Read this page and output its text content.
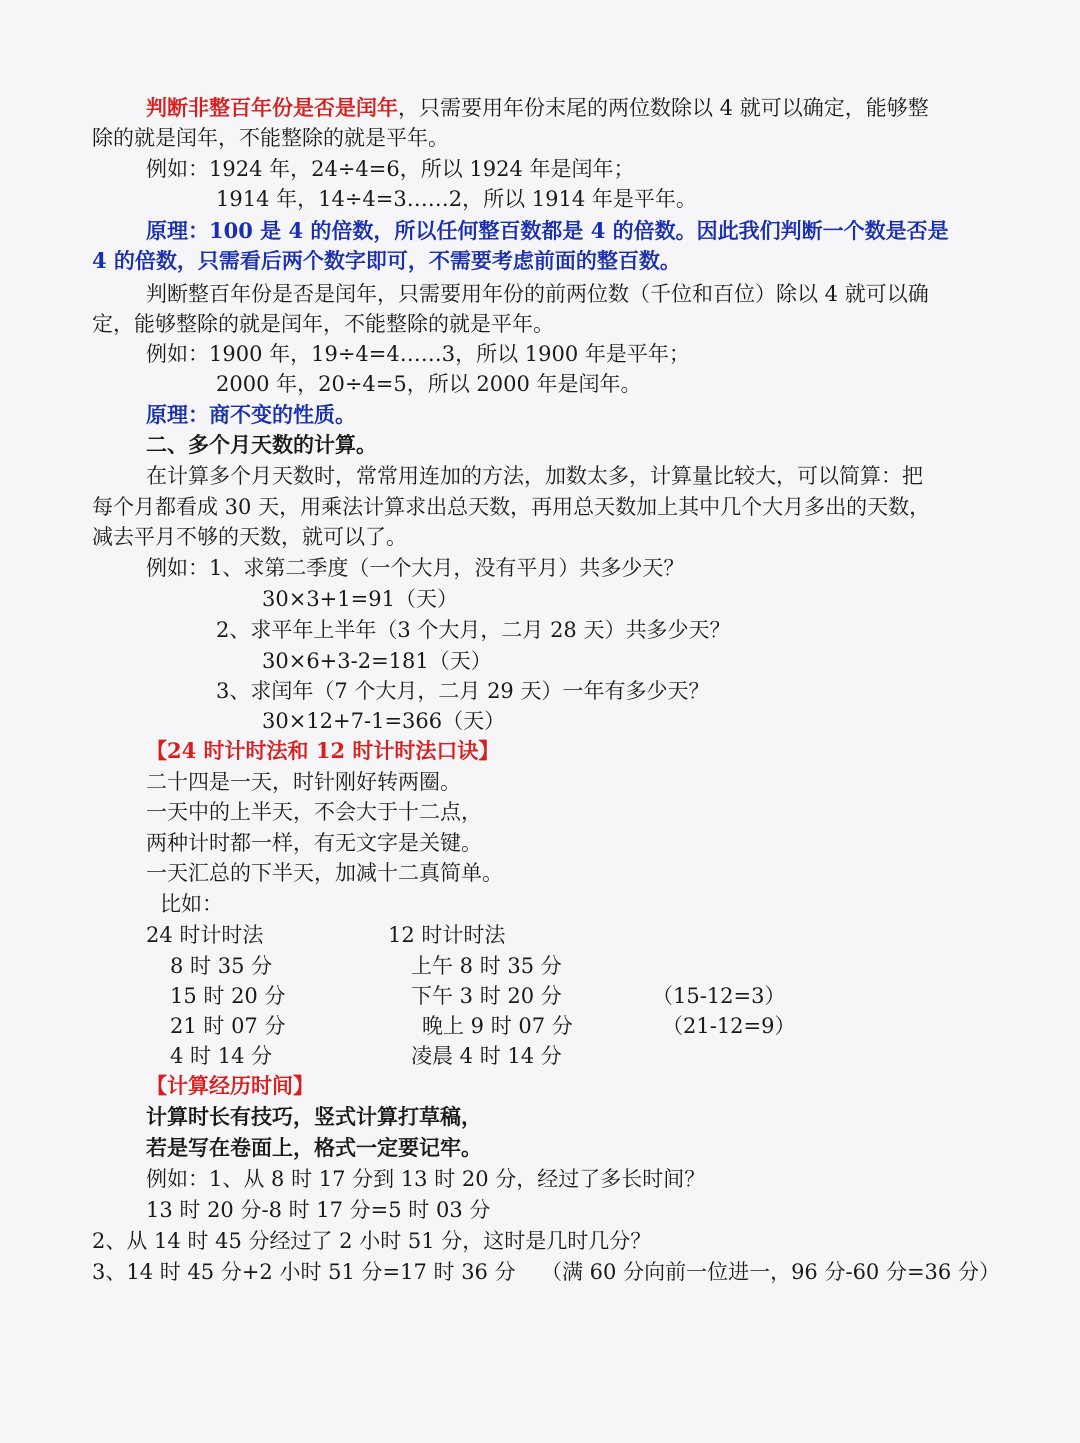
判断非整百年份是否是闰年，只需要用年份末尾的两位数除以 4 就可以确定，能够整
除的就是闰年，不能整除的就是平年。
例如：1924 年，24÷4=6，所以 1924 年是闰年；
1914 年，14÷4=3……2，所以 1914 年是平年。
原理：100 是 4 的倍数，所以任何整百数都是 4 的倍数。因此我们判断一个数是否是
4 的倍数，只需看后两个数字即可，不需要考虑前面的整百数。
判断整百年份是否是闰年，只需要用年份的前两位数（千位和百位）除以 4 就可以确
定，能够整除的就是闰年，不能整除的就是平年。
例如：1900 年，19÷4=4……3，所以 1900 年是平年；
2000 年，20÷4=5，所以 2000 年是闰年。
原理：商不变的性质。
二、多个月天数的计算。
在计算多个月天数时，常常用连加的方法，加数太多，计算量比较大，可以简算：把
每个月都看成 30 天，用乘法计算求出总天数，再用总天数加上其中几个大月多出的天数，
减去平月不够的天数，就可以了。
例如：1、求第二季度（一个大月，没有平月）共多少天？
30×3+1=91（天）
2、求平年上半年（3 个大月，二月 28 天）共多少天？
30×6+3-2=181（天）
3、求闰年（7 个大月，二月 29 天）一年有多少天？
30×12+7-1=366（天）
【24 时计时法和 12 时计时法口诀】
二十四是一天，时针刚好转两圈。
一天中的上半天，不会大于十二点，
两种计时都一样，有无文字是关键。
一天汇总的下半天，加减十二真简单。
比如：
24 时计时法	12 时计时法
8 时 35 分	上午 8 时 35 分
15 时 20 分	下午 3 时 20 分	（15-12=3）
21 时 07 分	晚上 9 时 07 分	（21-12=9）
4 时 14 分	凌晨 4 时 14 分
【计算经历时间】
计算时长有技巧，竖式计算打草稿，
若是写在卷面上，格式一定要记牢。
例如：1、从 8 时 17 分到 13 时 20 分，经过了多长时间？
13 时 20 分-8 时 17 分=5 时 03 分
2、从 14 时 45 分经过了 2 小时 51 分，这时是几时几分？
3、14 时 45 分+2 小时 51 分=17 时 36 分 （满 60 分向前一位进一，96 分-60 分=36 分）
